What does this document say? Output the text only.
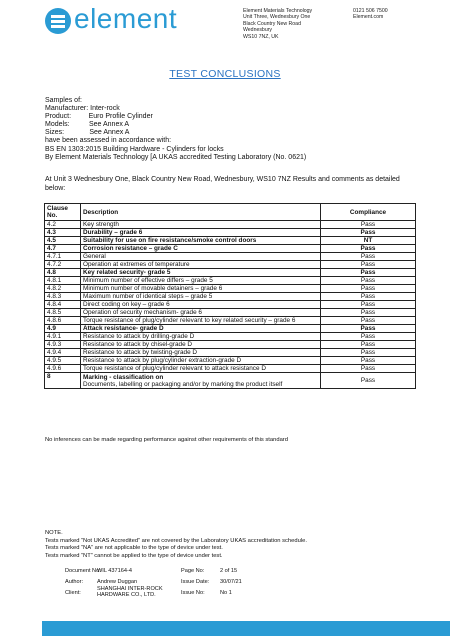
element	Element Materials Technology
Unit Three, Wednesbury One
Black Country New Road
Wednesbury
WS10 7NZ, UK
0121 506 7500
Element.com
TEST CONCLUSIONS
Samples of:
Manufacturer: Inter-rock
Product:	Euro Profile Cylinder
Models:	See Annex A
Sizes:	See Annex A
have been assessed in accordance with:
BS EN 1303:2015 Building Hardware - Cylinders for locks
By Element Materials Technology [A UKAS accredited Testing Laboratory (No. 0621)
At Unit 3 Wednesbury One, Black Country New Road, Wednesbury, WS10 7NZ Results and comments as detailed below:
Clause No.	Description	Compliance
4.2	Key strength	Pass
4.3	Durability – grade 6	Pass
4.5	Suitability for use on fire resistance/smoke control doors	NT
4.7	Corrosion resistance – grade C	Pass
4.7.1	General	Pass
4.7.2	Operation at extremes of temperature	Pass
4.8	Key related security- grade 5	Pass
4.8.1	Minimum number of effective differs – grade 5	Pass
4.8.2	Minimum number of movable detainers – grade 6	Pass
4.8.3	Maximum number of identical steps – grade 5	Pass
4.8.4	Direct coding on key – grade 6	Pass
4.8.5	Operation of security mechanism- grade 6	Pass
4.8.6	Torque resistance of plug/cylinder relevant to key related security – grade 6	Pass
4.9	Attack resistance- grade D	Pass
4.9.1	Resistance to attack by drilling-grade D	Pass
4.9.3	Resistance to attack by chisel-grade D	Pass
4.9.4	Resistance to attack by twisting-grade D	Pass
4.9.5	Resistance to attack by plug/cylinder extraction-grade D	Pass
4.9.6	Torque resistance of plug/cylinder relevant to attack resistance D	Pass
8	Marking - classification on
Documents, labelling or packaging and/or by marking the product itself	Pass
No inferences can be made regarding performance against other requirements of this standard
NOTE.
Tests marked “Not UKAS Accredited” are not covered by the Laboratory UKAS accreditation schedule.
Tests marked “NA” are not applicable to the type of device under test.
Tests marked “NT” cannot be applied to the type of device under test.
Document No:
WIL 437164-4	Page No:	2 of 15
Author: Andrew Duggan	Issue Date: 30/07/21
Client:
SHANGHAI INTER-ROCK
HARDWARE CO., LTD.	Issue No:	No 1
